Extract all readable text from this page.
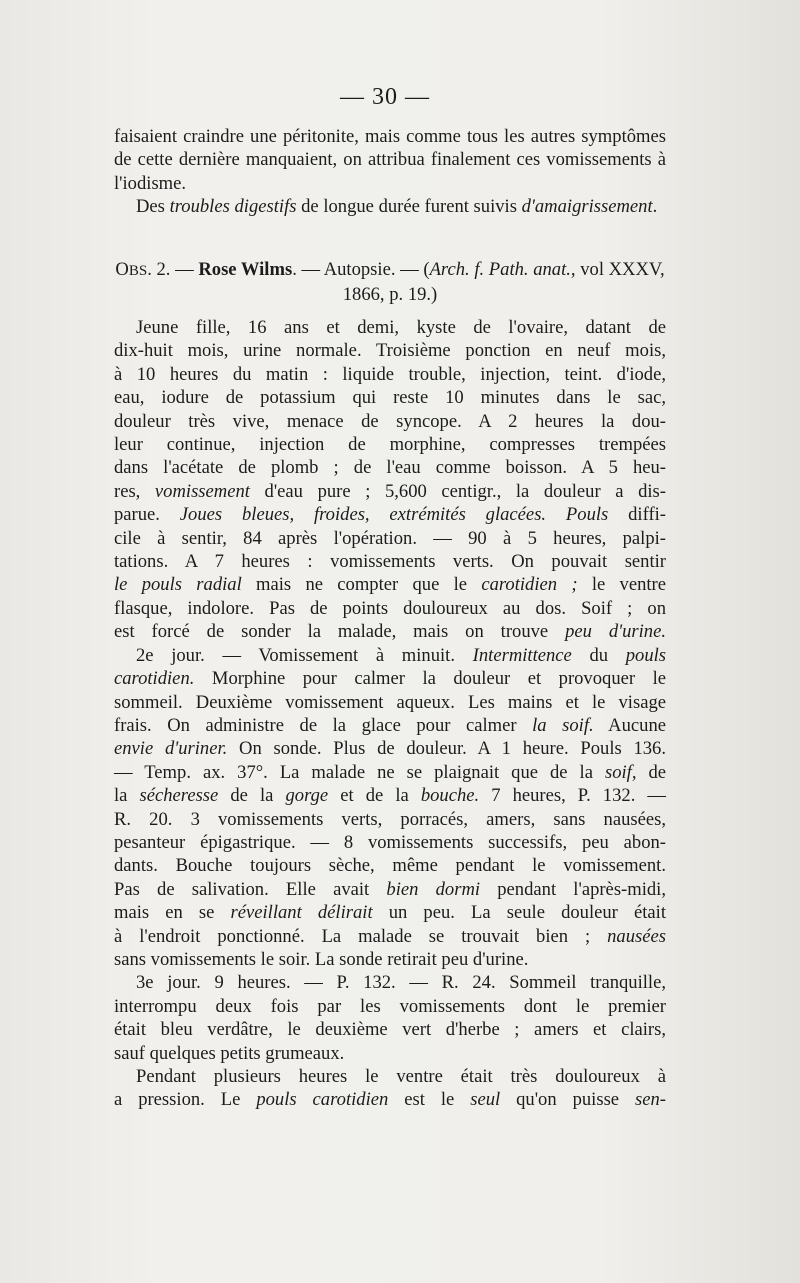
— 30 —

faisaient craindre une péritonite, mais comme tous les autres symptômes de cette dernière manquaient, on attribua finalement ces vomissements à l'iodisme.

Des troubles digestifs de longue durée furent suivis d'amaigrissement.

OBS. 2. — Rose Wilms. — Autopsie. — (Arch. f. Path. anat., vol XXXV, 1866, p. 19.)

Jeune fille, 16 ans et demi, kyste de l'ovaire, datant de
dix-huit mois, urine normale. Troisième ponction en neuf mois,
à 10 heures du matin : liquide trouble, injection, teint. d'iode,
eau, iodure de potassium qui reste 10 minutes dans le sac,
douleur très vive, menace de syncope. A 2 heures la dou-
leur continue, injection de morphine, compresses trempées
dans l'acétate de plomb ; de l'eau comme boisson. A 5 heu-
res, vomissement d'eau pure ; 5,600 centigr., la douleur a dis-
parue. Joues bleues, froides, extrémités glacées. Pouls diffi-
cile à sentir, 84 après l'opération. — 90 à 5 heures, palpi-
tations. A 7 heures : vomissements verts. On pouvait sentir
le pouls radial mais ne compter que le carotidien ; le ventre
flasque, indolore. Pas de points douloureux au dos. Soif ; on
est forcé de sonder la malade, mais on trouve peu d'urine.
2e jour. — Vomissement à minuit. Intermittence du pouls
carotidien. Morphine pour calmer la douleur et provoquer le
sommeil. Deuxième vomissement aqueux. Les mains et le visage
frais. On administre de la glace pour calmer la soif. Aucune
envie d'uriner. On sonde. Plus de douleur. A 1 heure. Pouls 136.
— Temp. ax. 37°. La malade ne se plaignait que de la soif, de
la sécheresse de la gorge et de la bouche. 7 heures, P. 132. —
R. 20. 3 vomissements verts, porracés, amers, sans nausées,
pesanteur épigastrique. — 8 vomissements successifs, peu abon-
dants. Bouche toujours sèche, même pendant le vomissement.
Pas de salivation. Elle avait bien dormi pendant l'après-midi,
mais en se réveillant délirait un peu. La seule douleur était
à l'endroit ponctionné. La malade se trouvait bien ; nausées
sans vomissements le soir. La sonde retirait peu d'urine.
3e jour. 9 heures. — P. 132. — R. 24. Sommeil tranquille,
interrompu deux fois par les vomissements dont le premier
était bleu verdâtre, le deuxième vert d'herbe ; amers et clairs,
sauf quelques petits grumeaux.
Pendant plusieurs heures le ventre était très douloureux à
a pression. Le pouls carotidien est le seul qu'on puisse sen-
